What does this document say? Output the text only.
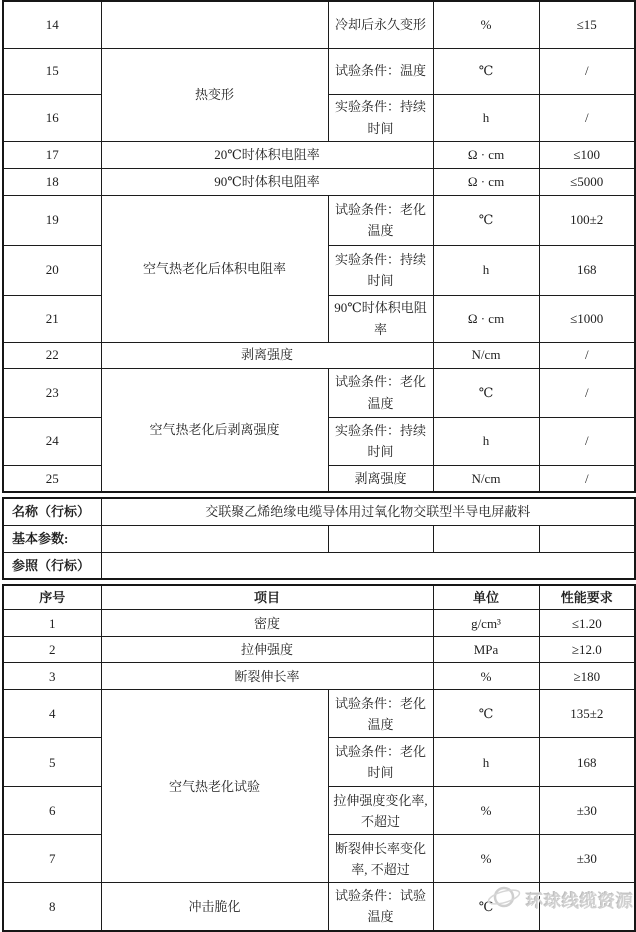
14		冷却后永久变形	%	≤15
15	热变形	试验条件：温度	℃	/
16		实验条件：持续时间	h	/
17	20℃时体积电阻率		Ω · cm	≤100
18	90℃时体积电阻率		Ω · cm	≤5000
19	空气热老化后体积电阻率	试验条件：老化温度	℃	100±2
20		实验条件：持续时间	h	168
21		90℃时体积电阻率	Ω · cm	≤1000
22	剥离强度		N/cm	/
23	空气热老化后剥离强度	试验条件：老化温度	℃	/
24		实验条件：持续时间	h	/
25		剥离强度	N/cm	/
名称（行标）	交联聚乙烯绝缘电缆导体用过氧化物交联型半导电屏蔽料			
基本参数:				
参照（行标）				
序号	项目		单位	性能要求
1	密度		g/cm³	≤1.20
2	拉伸强度		MPa	≥12.0
3	断裂伸长率		%	≥180
4	空气热老化试验	试验条件：老化温度	℃	135±2
5		试验条件：老化时间	h	168
6		拉伸强度变化率, 不超过	%	±30
7		断裂伸长率变化率, 不超过	%	±30
8	冲击脆化	试验条件：试验温度	℃	环球线缆资源
